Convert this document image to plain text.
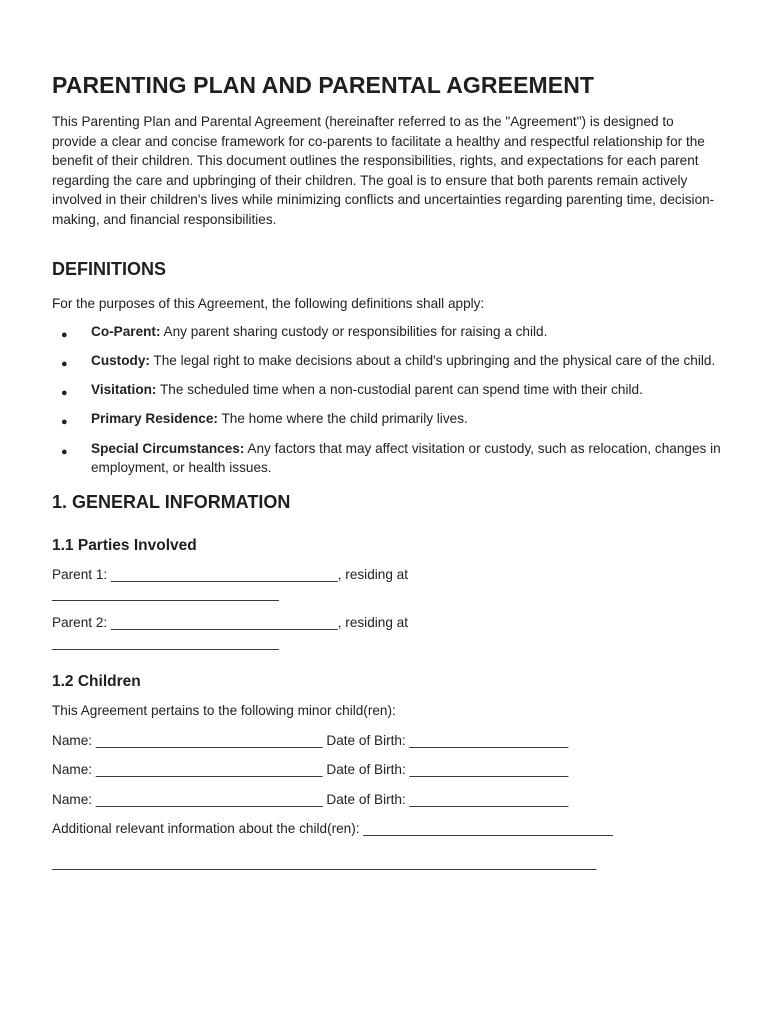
PARENTING PLAN AND PARENTAL AGREEMENT

This Parenting Plan and Parental Agreement (hereinafter referred to as the "Agreement") is designed to provide a clear and concise framework for co-parents to facilitate a healthy and respectful relationship for the benefit of their children. This document outlines the responsibilities, rights, and expectations for each parent regarding the care and upbringing of their children. The goal is to ensure that both parents remain actively involved in their children's lives while minimizing conflicts and uncertainties regarding parenting time, decision-making, and financial responsibilities.

DEFINITIONS

For the purposes of this Agreement, the following definitions shall apply:

● Co-Parent: Any parent sharing custody or responsibilities for raising a child.
● Custody: The legal right to make decisions about a child's upbringing and the physical care of the child.
● Visitation: The scheduled time when a non-custodial parent can spend time with their child.
● Primary Residence: The home where the child primarily lives.
● Special Circumstances: Any factors that may affect visitation or custody, such as relocation, changes in employment, or health issues.
1. GENERAL INFORMATION
1.1 Parties Involved
Parent 1: ______________________________, residing at
______________________________
Parent 2: ______________________________, residing at
______________________________
1.2 Children
This Agreement pertains to the following minor child(ren):
Name: ______________________________ Date of Birth: _____________________
Name: ______________________________ Date of Birth: _____________________
Name: ______________________________ Date of Birth: _____________________
Additional relevant information about the child(ren): _________________________________
________________________________________________________________________
